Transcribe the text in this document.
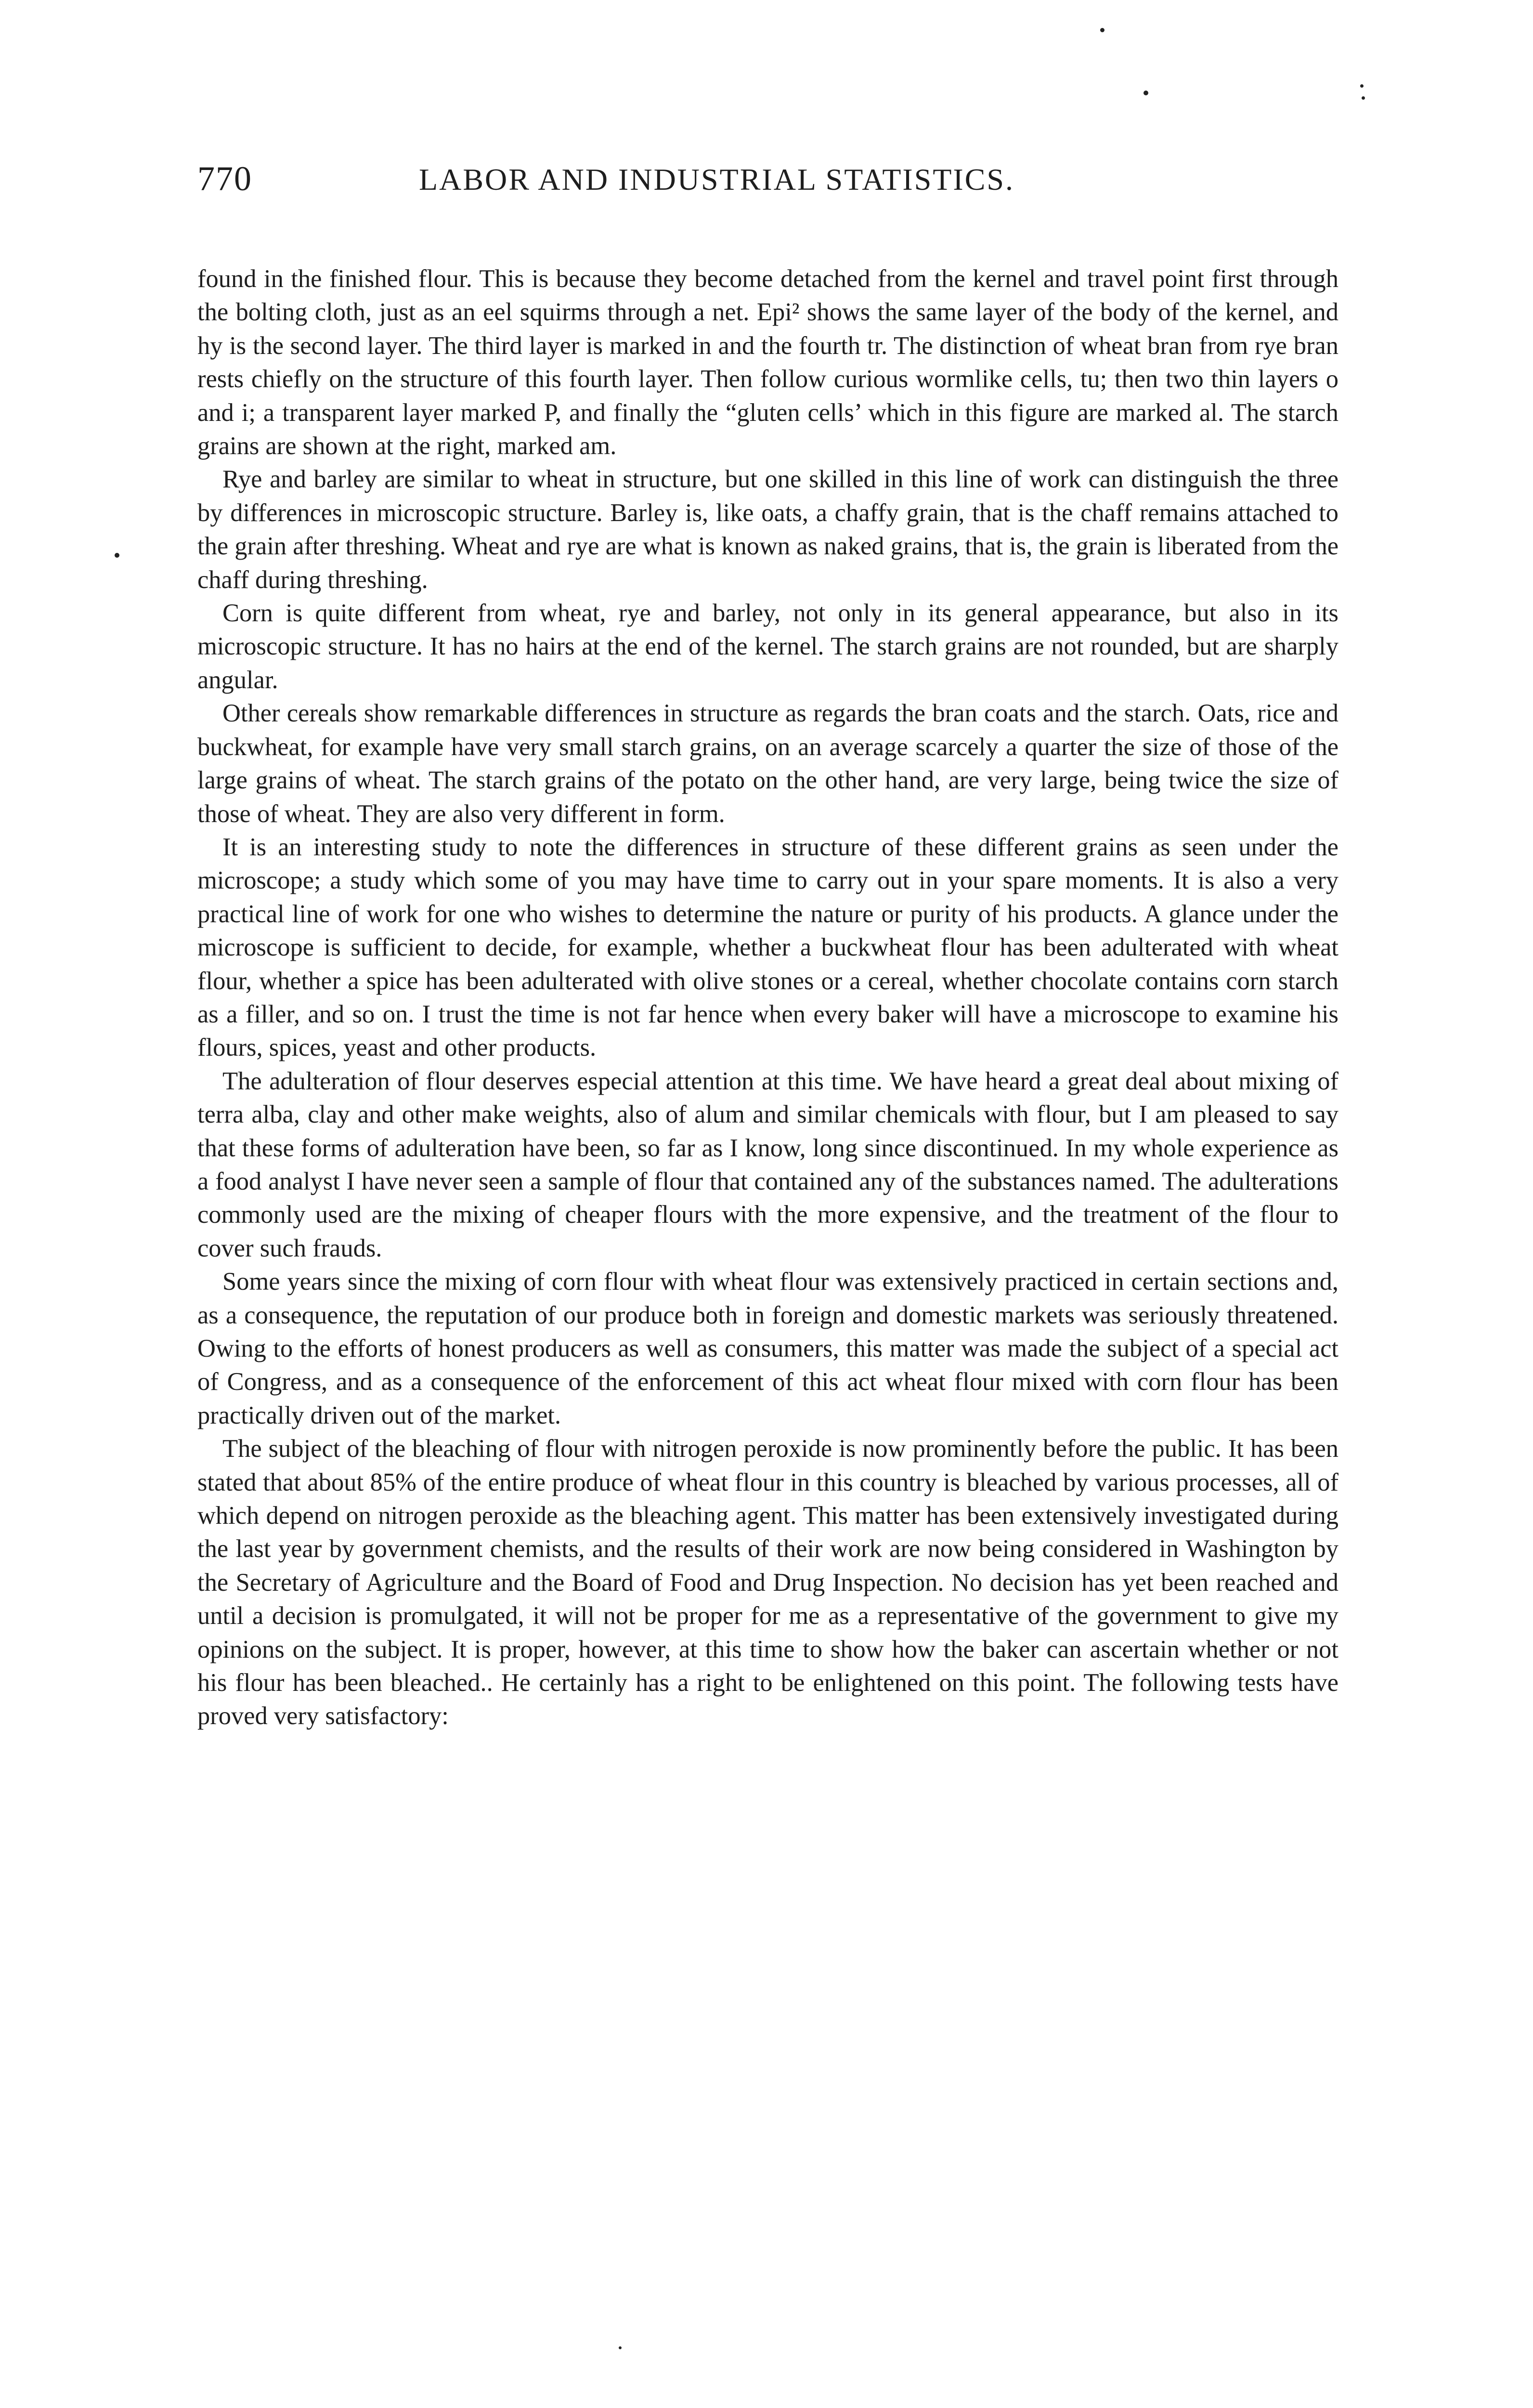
770	LABOR AND INDUSTRIAL STATISTICS.

found in the finished flour. This is because they become detached from the kernel and travel point first through the bolting cloth, just as an eel squirms through a net. Epi² shows the same layer of the body of the kernel, and hy is the second layer. The third layer is marked in and the fourth tr. The distinction of wheat bran from rye bran rests chiefly on the structure of this fourth layer. Then follow curious wormlike cells, tu; then two thin layers o and i; a transparent layer marked P, and finally the “gluten cells’ which in this figure are marked al. The starch grains are shown at the right, marked am.

Rye and barley are similar to wheat in structure, but one skilled in this line of work can distinguish the three by differences in microscopic structure. Barley is, like oats, a chaffy grain, that is the chaff remains attached to the grain after threshing. Wheat and rye are what is known as naked grains, that is, the grain is liberated from the chaff during threshing.

Corn is quite different from wheat, rye and barley, not only in its general appearance, but also in its microscopic structure. It has no hairs at the end of the kernel. The starch grains are not rounded, but are sharply angular.

Other cereals show remarkable differences in structure as regards the bran coats and the starch. Oats, rice and buckwheat, for example have very small starch grains, on an average scarcely a quarter the size of those of the large grains of wheat. The starch grains of the potato on the other hand, are very large, being twice the size of those of wheat. They are also very different in form.

It is an interesting study to note the differences in structure of these different grains as seen under the microscope; a study which some of you may have time to carry out in your spare moments. It is also a very practical line of work for one who wishes to determine the nature or purity of his products. A glance under the microscope is sufficient to decide, for example, whether a buckwheat flour has been adulterated with wheat flour, whether a spice has been adulterated with olive stones or a cereal, whether chocolate contains corn starch as a filler, and so on. I trust the time is not far hence when every baker will have a microscope to examine his flours, spices, yeast and other products.

The adulteration of flour deserves especial attention at this time. We have heard a great deal about mixing of terra alba, clay and other make weights, also of alum and similar chemicals with flour, but I am pleased to say that these forms of adulteration have been, so far as I know, long since discontinued. In my whole experience as a food analyst I have never seen a sample of flour that contained any of the substances named. The adulterations commonly used are the mixing of cheaper flours with the more expensive, and the treatment of the flour to cover such frauds.

Some years since the mixing of corn flour with wheat flour was extensively practiced in certain sections and, as a consequence, the reputation of our produce both in foreign and domestic markets was seriously threatened. Owing to the efforts of honest producers as well as consumers, this matter was made the subject of a special act of Congress, and as a consequence of the enforcement of this act wheat flour mixed with corn flour has been practically driven out of the market.

The subject of the bleaching of flour with nitrogen peroxide is now prominently before the public. It has been stated that about 85% of the entire produce of wheat flour in this country is bleached by various processes, all of which depend on nitrogen peroxide as the bleaching agent. This matter has been extensively investigated during the last year by government chemists, and the results of their work are now being considered in Washington by the Secretary of Agriculture and the Board of Food and Drug Inspection. No decision has yet been reached and until a decision is promulgated, it will not be proper for me as a representative of the government to give my opinions on the subject. It is proper, however, at this time to show how the baker can ascertain whether or not his flour has been bleached.. He certainly has a right to be enlightened on this point. The following tests have proved very satisfactory:
